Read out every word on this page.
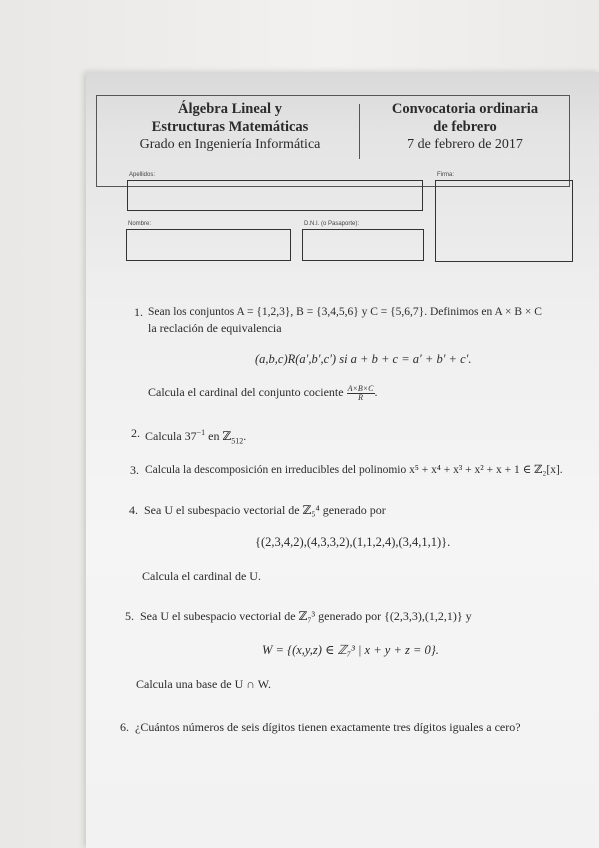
Álgebra Lineal y
Estructuras Matemáticas
Grado en Ingeniería Informática
Convocatoria ordinaria
de febrero
7 de febrero de 2017
Apellidos:	Firma:
Nombre:	D.N.I. (o Pasaporte):
1. Sean los conjuntos A = {1,2,3}, B = {3,4,5,6} y C = {5,6,7}. Definimos en A × B × C
la reclación de equivalencia
(a,b,c)R(a′,b′,c′) si a + b + c = a′ + b′ + c′.
Calcula el cardinal del conjunto cociente $\frac{A\times B\times C}{R}$ .
2. Calcula $37^{-1}$ en ℤ$_{512}$.
3. Calcula la descomposición en irreducibles del polinomio x⁵ + x⁴ + x³ + x² + x + 1 ∈ ℤ₂[x].
4. Sea U el subespacio vectorial de ℤ₅⁴ generado por
{(2,3,4,2),(4,3,3,2),(1,1,2,4),(3,4,1,1)}.
Calcula el cardinal de U.
5. Sea U el subespacio vectorial de ℤ₇³ generado por {(2,3,3),(1,2,1)} y
W = {(x,y,z) ∈ ℤ₇³ | x + y + z = 0}.
Calcula una base de U ∩ W.
6. ¿Cuántos números de seis dígitos tienen exactamente tres dígitos iguales a cero?
